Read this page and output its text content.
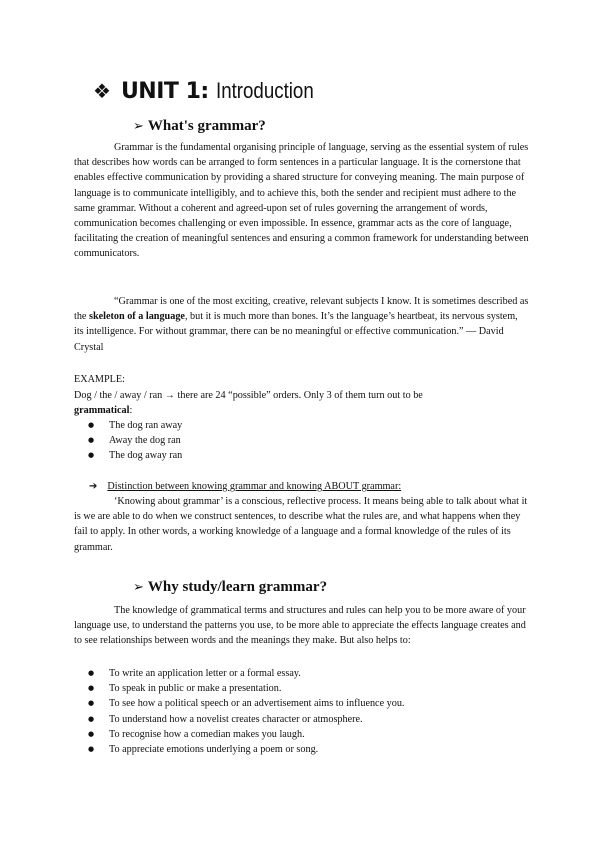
❖ UNIT 1: Introduction
➢ What's grammar?
Grammar is the fundamental organising principle of language, serving as the essential system of rules that describes how words can be arranged to form sentences in a particular language. It is the cornerstone that enables effective communication by providing a shared structure for conveying meaning. The main purpose of language is to communicate intelligibly, and to achieve this, both the sender and recipient must adhere to the same grammar. Without a coherent and agreed-upon set of rules governing the arrangement of words, communication becomes challenging or even impossible. In essence, grammar acts as the core of language, facilitating the creation of meaningful sentences and ensuring a common framework for understanding between communicators.
“Grammar is one of the most exciting, creative, relevant subjects I know. It is sometimes described as the skeleton of a language, but it is much more than bones. It’s the language’s heartbeat, its nervous system, its intelligence. For without grammar, there can be no meaningful or effective communication.” — David Crystal
EXAMPLE:
Dog / the / away / ran → there are 24 “possible” orders. Only 3 of them turn out to be
grammatical:
● The dog ran away
● Away the dog ran
● The dog away ran
➔ Distinction between knowing grammar and knowing ABOUT grammar:
‘Knowing about grammar’ is a conscious, reflective process. It means being able to talk about what it is we are able to do when we construct sentences, to describe what the rules are, and what happens when they fail to apply. In other words, a working knowledge of a language and a formal knowledge of the rules of its grammar.
➢ Why study/learn grammar?
The knowledge of grammatical terms and structures and rules can help you to be more aware of your language use, to understand the patterns you use, to be more able to appreciate the effects language creates and to see relationships between words and the meanings they make. But also helps to:
● To write an application letter or a formal essay.
● To speak in public or make a presentation.
● To see how a political speech or an advertisement aims to influence you.
● To understand how a novelist creates character or atmosphere.
● To recognise how a comedian makes you laugh.
● To appreciate emotions underlying a poem or song.
